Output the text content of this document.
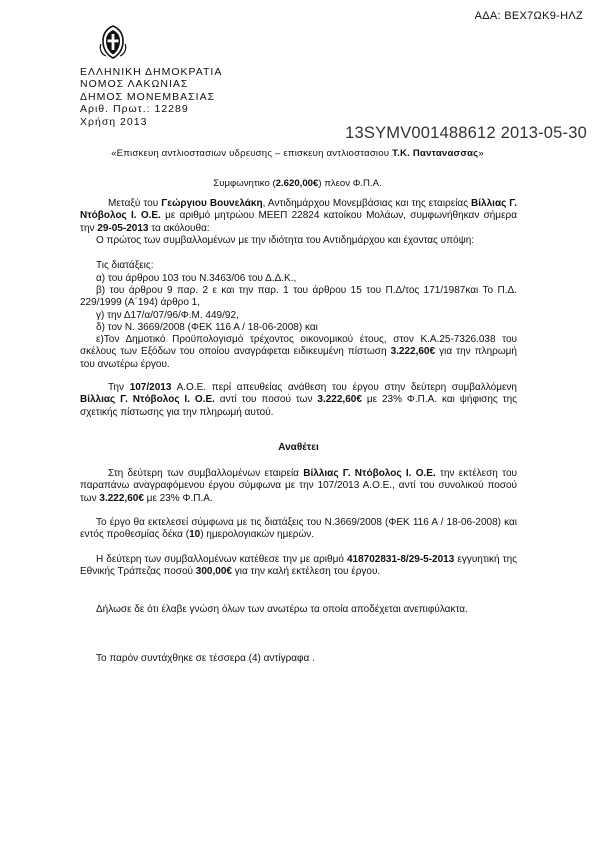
ΑΔΑ: ΒΕΧ7ΩΚ9-ΗΛΖ
ΕΛΛΗΝΙΚΗ ΔΗΜΟΚΡΑΤΙΑ
ΝΟΜΟΣ ΛΑΚΩΝΙΑΣ
ΔΗΜΟΣ ΜΟΝΕΜΒΑΣΙΑΣ
Αριθ. Πρωτ.: 12289
Χρήση 2013
13SYMV001488612 2013-05-30
«Επισκευη αντλιοστασιων υδρευσης – επισκευη αντλιοστασιου Τ.Κ. Παντανασσας»
Συμφωνητικο (2.620,00€) πλεον Φ.Π.Α.

Μεταξύ του Γεώργιου Βουνελάκη, Αντιδημάρχου Μονεμβάσιας και της εταιρείας Βίλλιας Γ. Ντόβολος Ι. Ο.Ε. με αριθμό μητρώου ΜΕΕΠ 22824 κατοίκου Μολάων, συμφωνήθηκαν σήμερα την 29-05-2013 τα ακόλουθα:

Ο πρώτος των συμβαλλομένων με την ιδιότητα του Αντιδημάρχου και έχοντας υπόψη:

Τις διατάξεις:

α) του άρθρου 103 του Ν.3463/06 του Δ.Δ.Κ.,

β) του άρθρου 9 παρ. 2 ε και την παρ. 1 του άρθρου 15 του Π.Δ/τος 171/1987και Το Π.Δ. 229/1999 (Α΄194) άρθρο 1,

γ) την Δ17/α/07/96/Φ.Μ. 449/92,

δ) τον Ν. 3669/2008 (ΦΕΚ 116 Α / 18-06-2008) και

ε)Τον Δημοτικό Προϋπολογισμό τρέχοντος οικονομικού έτους, στον Κ.Α.25-7326.038 του σκέλους των Εξόδων του οποίου αναγράφεται ειδικευμένη πίστωση 3.222,60€ για την πληρωμή του ανωτέρω έργου.

Την 107/2013 Α.Ο.Ε. περί απευθείας ανάθεση του έργου στην δεύτερη συμβαλλόμενη Βίλλιας Γ. Ντόβολος Ι. Ο.Ε. αντί του ποσού των 3.222,60€ με 23% Φ.Π.Α. και ψήφισης της σχετικής πίστωσης για την πληρωμή αυτού.

Αναθέτει

Στη δεύτερη των συμβαλλομένων εταιρεία Βίλλιας Γ. Ντόβολος Ι. Ο.Ε. την εκτέλεση του παραπάνω αναγραφόμενου έργου σύμφωνα με την 107/2013 Α.Ο.Ε., αντί του συνολικού ποσού των 3.222,60€ με 23% Φ.Π.Α.

Το έργο θα εκτελεσεί σύμφωνα με τις διατάξεις του Ν.3669/2008 (ΦΕΚ 116 Α / 18-06-2008) και εντός προθεσμίας δέκα (10) ημερολογιακών ημερών.

Η δεύτερη των συμβαλλομένων κατέθεσε την με αριθμό 418702831-8/29-5-2013 εγγυητική της Εθνικής Τράπεζας ποσού 300,00€ για την καλή εκτέλεση του έργου.

Δήλωσε δε ότι έλαβε γνώση όλων των ανωτέρω τα οποία αποδέχεται ανεπιφύλακτα.

Το παρόν συντάχθηκε σε τέσσερα (4) αντίγραφα .
